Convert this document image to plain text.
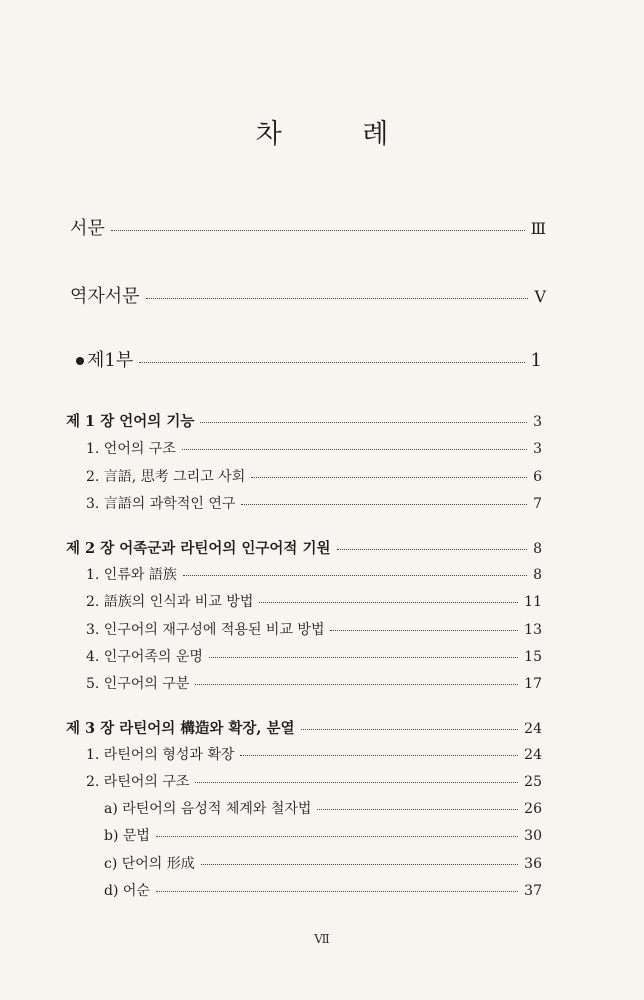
차 례
서문	Ⅲ
역자서문	Ⅴ
제1부	1
제 1 장 언어의 기능	3
1. 언어의 구조	3
2. 言語, 思考 그리고 사회	6
3. 言語의 과학적인 연구	7
제 2 장 어족군과 라틴어의 인구어적 기원	8
1. 인류와 語族	8
2. 語族의 인식과 비교 방법	11
3. 인구어의 재구성에 적용된 비교 방법	13
4. 인구어족의 운명	15
5. 인구어의 구분	17
제 3 장 라틴어의 構造와 확장, 분열	24
1. 라틴어의 형성과 확장	24
2. 라틴어의 구조	25
a) 라틴어의 음성적 체계와 철자법	26
b) 문법	30
c) 단어의 形成	36
d) 어순	37
Ⅶ
